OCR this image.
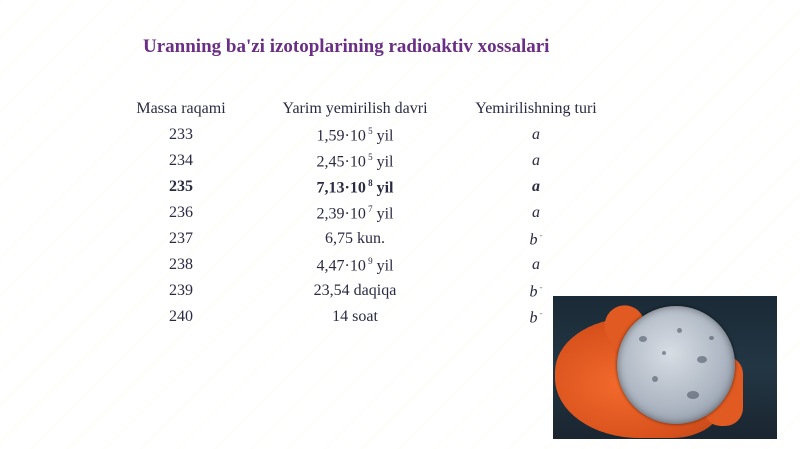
Uranning ba'zi izotoplarining radioaktiv xossalari
Massa raqami	Yarim yemirilish davri	Yemirilishning turi
233	1,59·10 $^5$ yil	a
234	2,45·10 $^5$ yil	a
235	7,13·10 $^8$ yil	a
236	2,39·10 $^7$ yil	a
237	6,75 kun.	b -
238	4,47·10 $^9$ yil	a
239	23,54 daqiqa	b -
240	14 soat	b -
